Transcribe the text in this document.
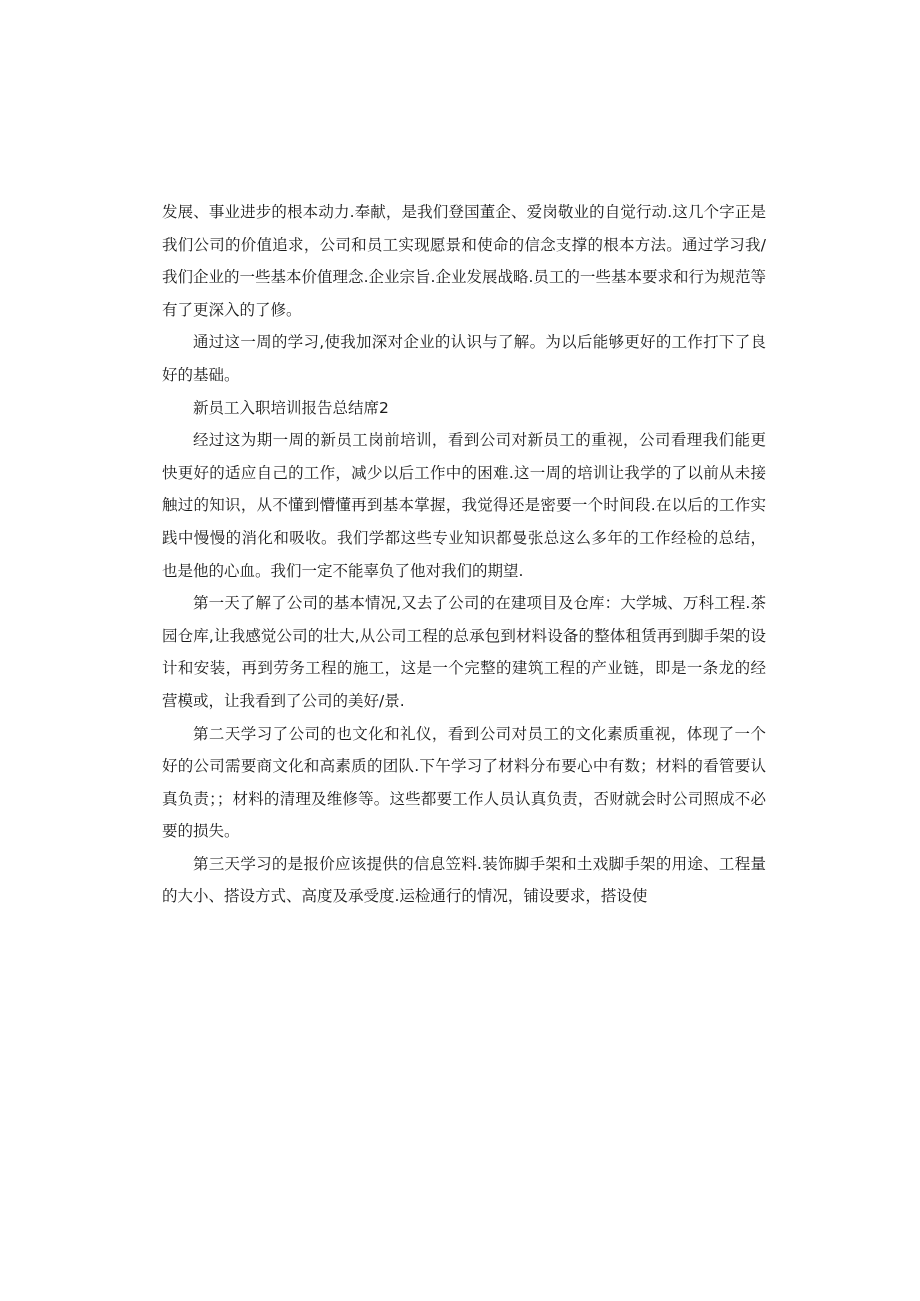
发展、事业进步的根本动力.奉献，是我们登国董企、爱岗敬业的自觉行动.这几个字正是我们公司的价值追求，公司和员工实现愿景和使命的信念支撑的根本方法。通过学习我/我们企业的一些基本价值理念.企业宗旨.企业发展战略.员工的一些基本要求和行为规范等有了更深入的了修。

通过这一周的学习,使我加深对企业的认识与了解。为以后能够更好的工作打下了良好的基础。

新员工入职培训报告总结席2

经过这为期一周的新员工岗前培训，看到公司对新员工的重视，公司看理我们能更快更好的适应自己的工作，减少以后工作中的困难.这一周的培训让我学的了以前从未接触过的知识，从不懂到懵懂再到基本掌握，我觉得还是密要一个时间段.在以后的工作实践中慢慢的消化和吸收。我们学都这些专业知识都曼张总这么多年的工作经检的总结，也是他的心血。我们一定不能辜负了他对我们的期望.

第一天了解了公司的基本情况,又去了公司的在建项目及仓库：大学城、万科工程.茶园仓库,让我感觉公司的壮大,从公司工程的总承包到材料设备的整体租赁再到脚手架的设计和安装，再到劳务工程的施工，这是一个完整的建筑工程的产业链，即是一条龙的经营模或，让我看到了公司的美好/景.

第二天学习了公司的也文化和礼仪，看到公司对员工的文化素质重视，体现了一个好的公司需要商文化和高素质的团队.下午学习了材料分布要心中有数；材料的看管要认真负责；；材料的清理及维修等。这些都要工作人员认真负责，否财就会时公司照成不必要的损失。

第三天学习的是报价应该提供的信息笠料.装饰脚手架和土戏脚手架的用途、工程量的大小、搭设方式、高度及承受度.运检通行的情况，铺设要求，搭设使
